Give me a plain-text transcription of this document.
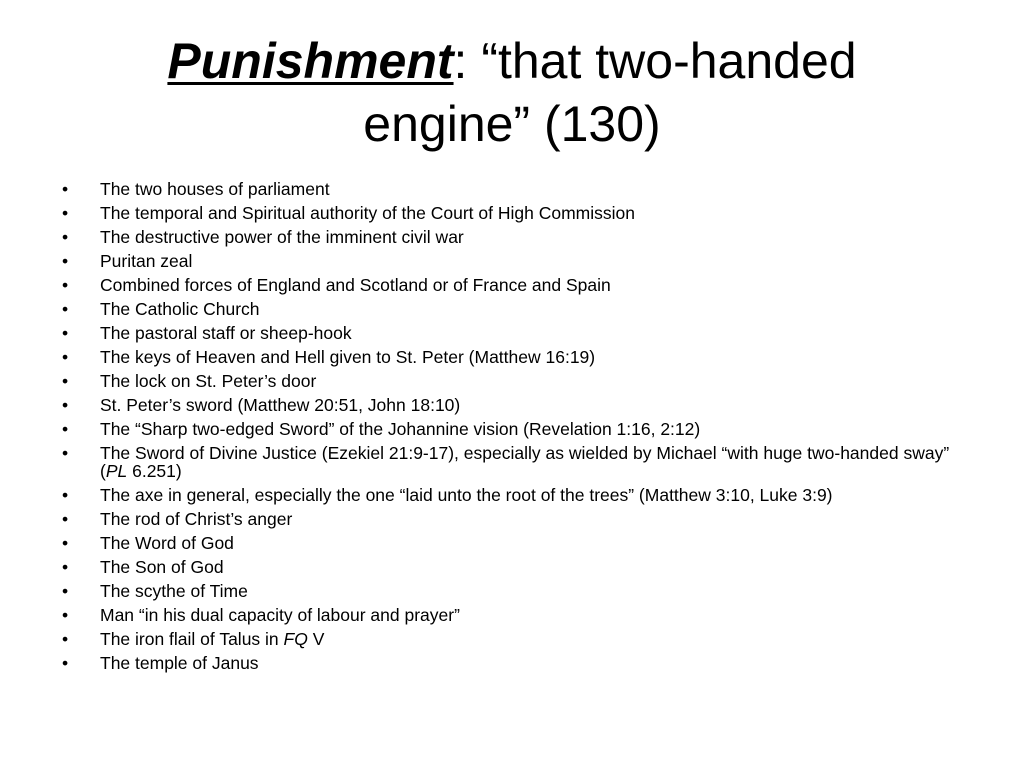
Punishment: “that two-handed
engine” (130)
• The two houses of parliament
• The temporal and Spiritual authority of the Court of High Commission
• The destructive power of the imminent civil war
• Puritan zeal
• Combined forces of England and Scotland or of France and Spain
• The Catholic Church
• The pastoral staff or sheep-hook
• The keys of Heaven and Hell given to St. Peter (Matthew 16:19)
• The lock on St. Peter’s door
• St. Peter’s sword (Matthew 20:51, John 18:10)
• The “Sharp two-edged Sword” of the Johannine vision (Revelation 1:16, 2:12)
• The Sword of Divine Justice (Ezekiel 21:9-17), especially as wielded by Michael “with huge two-handed sway” (PL 6.251)
• The axe in general, especially the one “laid unto the root of the trees” (Matthew 3:10, Luke 3:9)
• The rod of Christ’s anger
• The Word of God
• The Son of God
• The scythe of Time
• Man “in his dual capacity of labour and prayer”
• The iron flail of Talus in FQ V
• The temple of Janus
